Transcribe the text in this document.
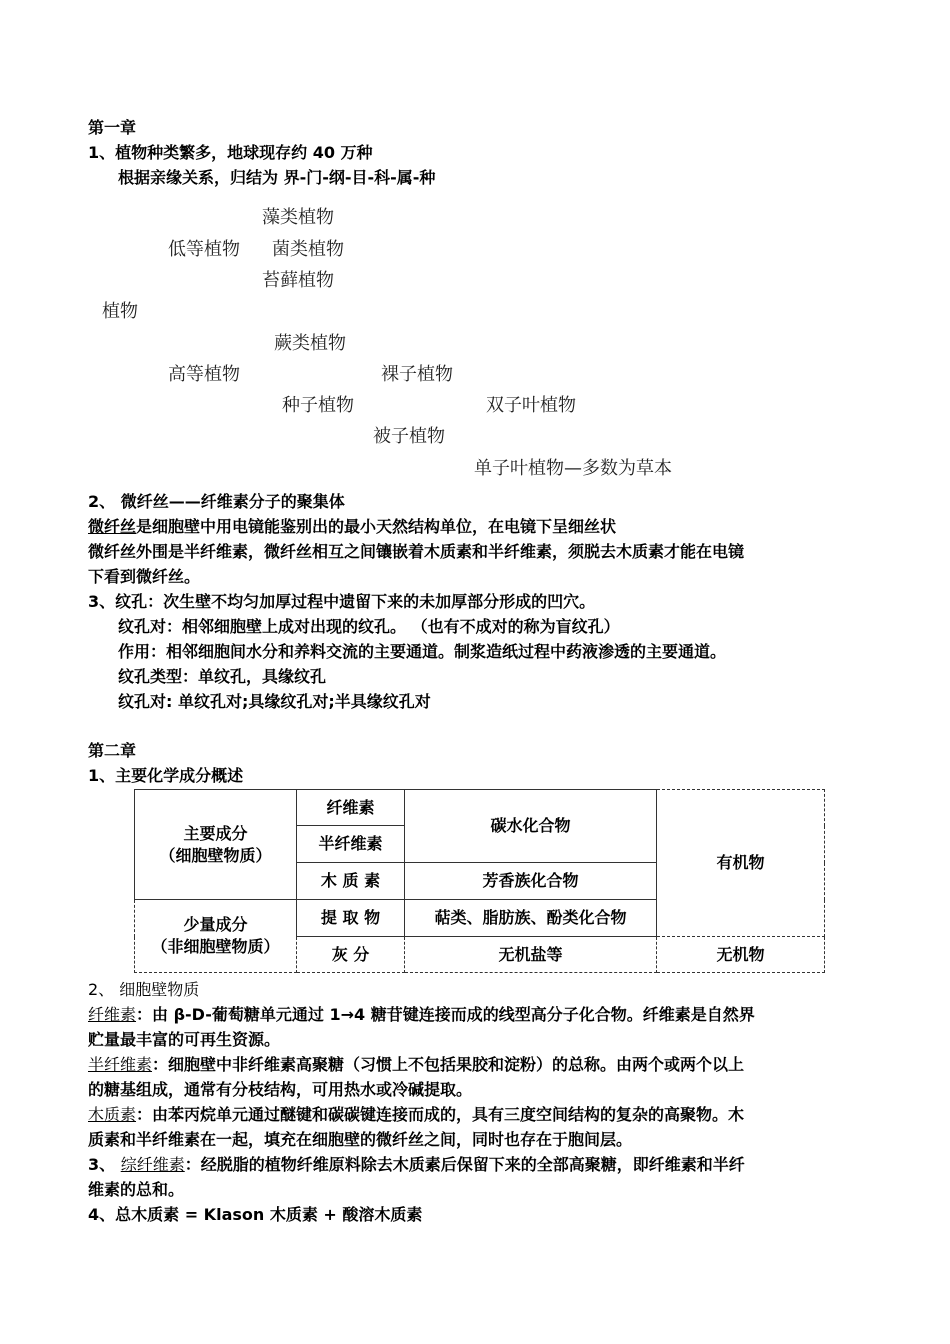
第一章
1、植物种类繁多，地球现存约 40 万种
根据亲缘关系，归结为 界-门-纲-目-科-属-种
藻类植物
低等植物 菌类植物
苔藓植物
植物
蕨类植物
高等植物	裸子植物
种子植物	双子叶植物
被子植物
单子叶植物—多数为草本
2、 微纤丝——纤维素分子的聚集体
微纤丝是细胞壁中用电镜能鉴别出的最小天然结构单位，在电镜下呈细丝状
微纤丝外围是半纤维素，微纤丝相互之间镶嵌着木质素和半纤维素，须脱去木质素才能在电镜
下看到微纤丝。
3、纹孔：次生壁不均匀加厚过程中遗留下来的未加厚部分形成的凹穴。
纹孔对：相邻细胞壁上成对出现的纹孔。 （也有不成对的称为盲纹孔）
作用：相邻细胞间水分和养料交流的主要通道。制浆造纸过程中药液渗透的主要通道。
纹孔类型：单纹孔，具缘纹孔
纹孔对: 单纹孔对;具缘纹孔对;半具缘纹孔对
第二章
1、主要化学成分概述
主要成分
（细胞壁物质）	纤维素	碳水化合物	有机物
	半纤维素		
	木 质 素	芳香族化合物	

少量成分
（非细胞壁物质）	提 取 物	萜类、脂肪族、酚类化合物	
	灰 分	无机盐等	无机物
2、 细胞壁物质
纤维素：由 β-D-葡萄糖单元通过 1→4 糖苷键连接而成的线型高分子化合物。纤维素是自然界
贮量最丰富的可再生资源。
半纤维素：细胞壁中非纤维素高聚糖（习惯上不包括果胶和淀粉）的总称。由两个或两个以上
的糖基组成，通常有分枝结构，可用热水或冷碱提取。
木质素：由苯丙烷单元通过醚键和碳碳键连接而成的，具有三度空间结构的复杂的高聚物。木
质素和半纤维素在一起，填充在细胞壁的微纤丝之间，同时也存在于胞间层。
3、 综纤维素：经脱脂的植物纤维原料除去木质素后保留下来的全部高聚糖，即纤维素和半纤
维素的总和。
4、总木质素 = Klason 木质素 + 酸溶木质素
